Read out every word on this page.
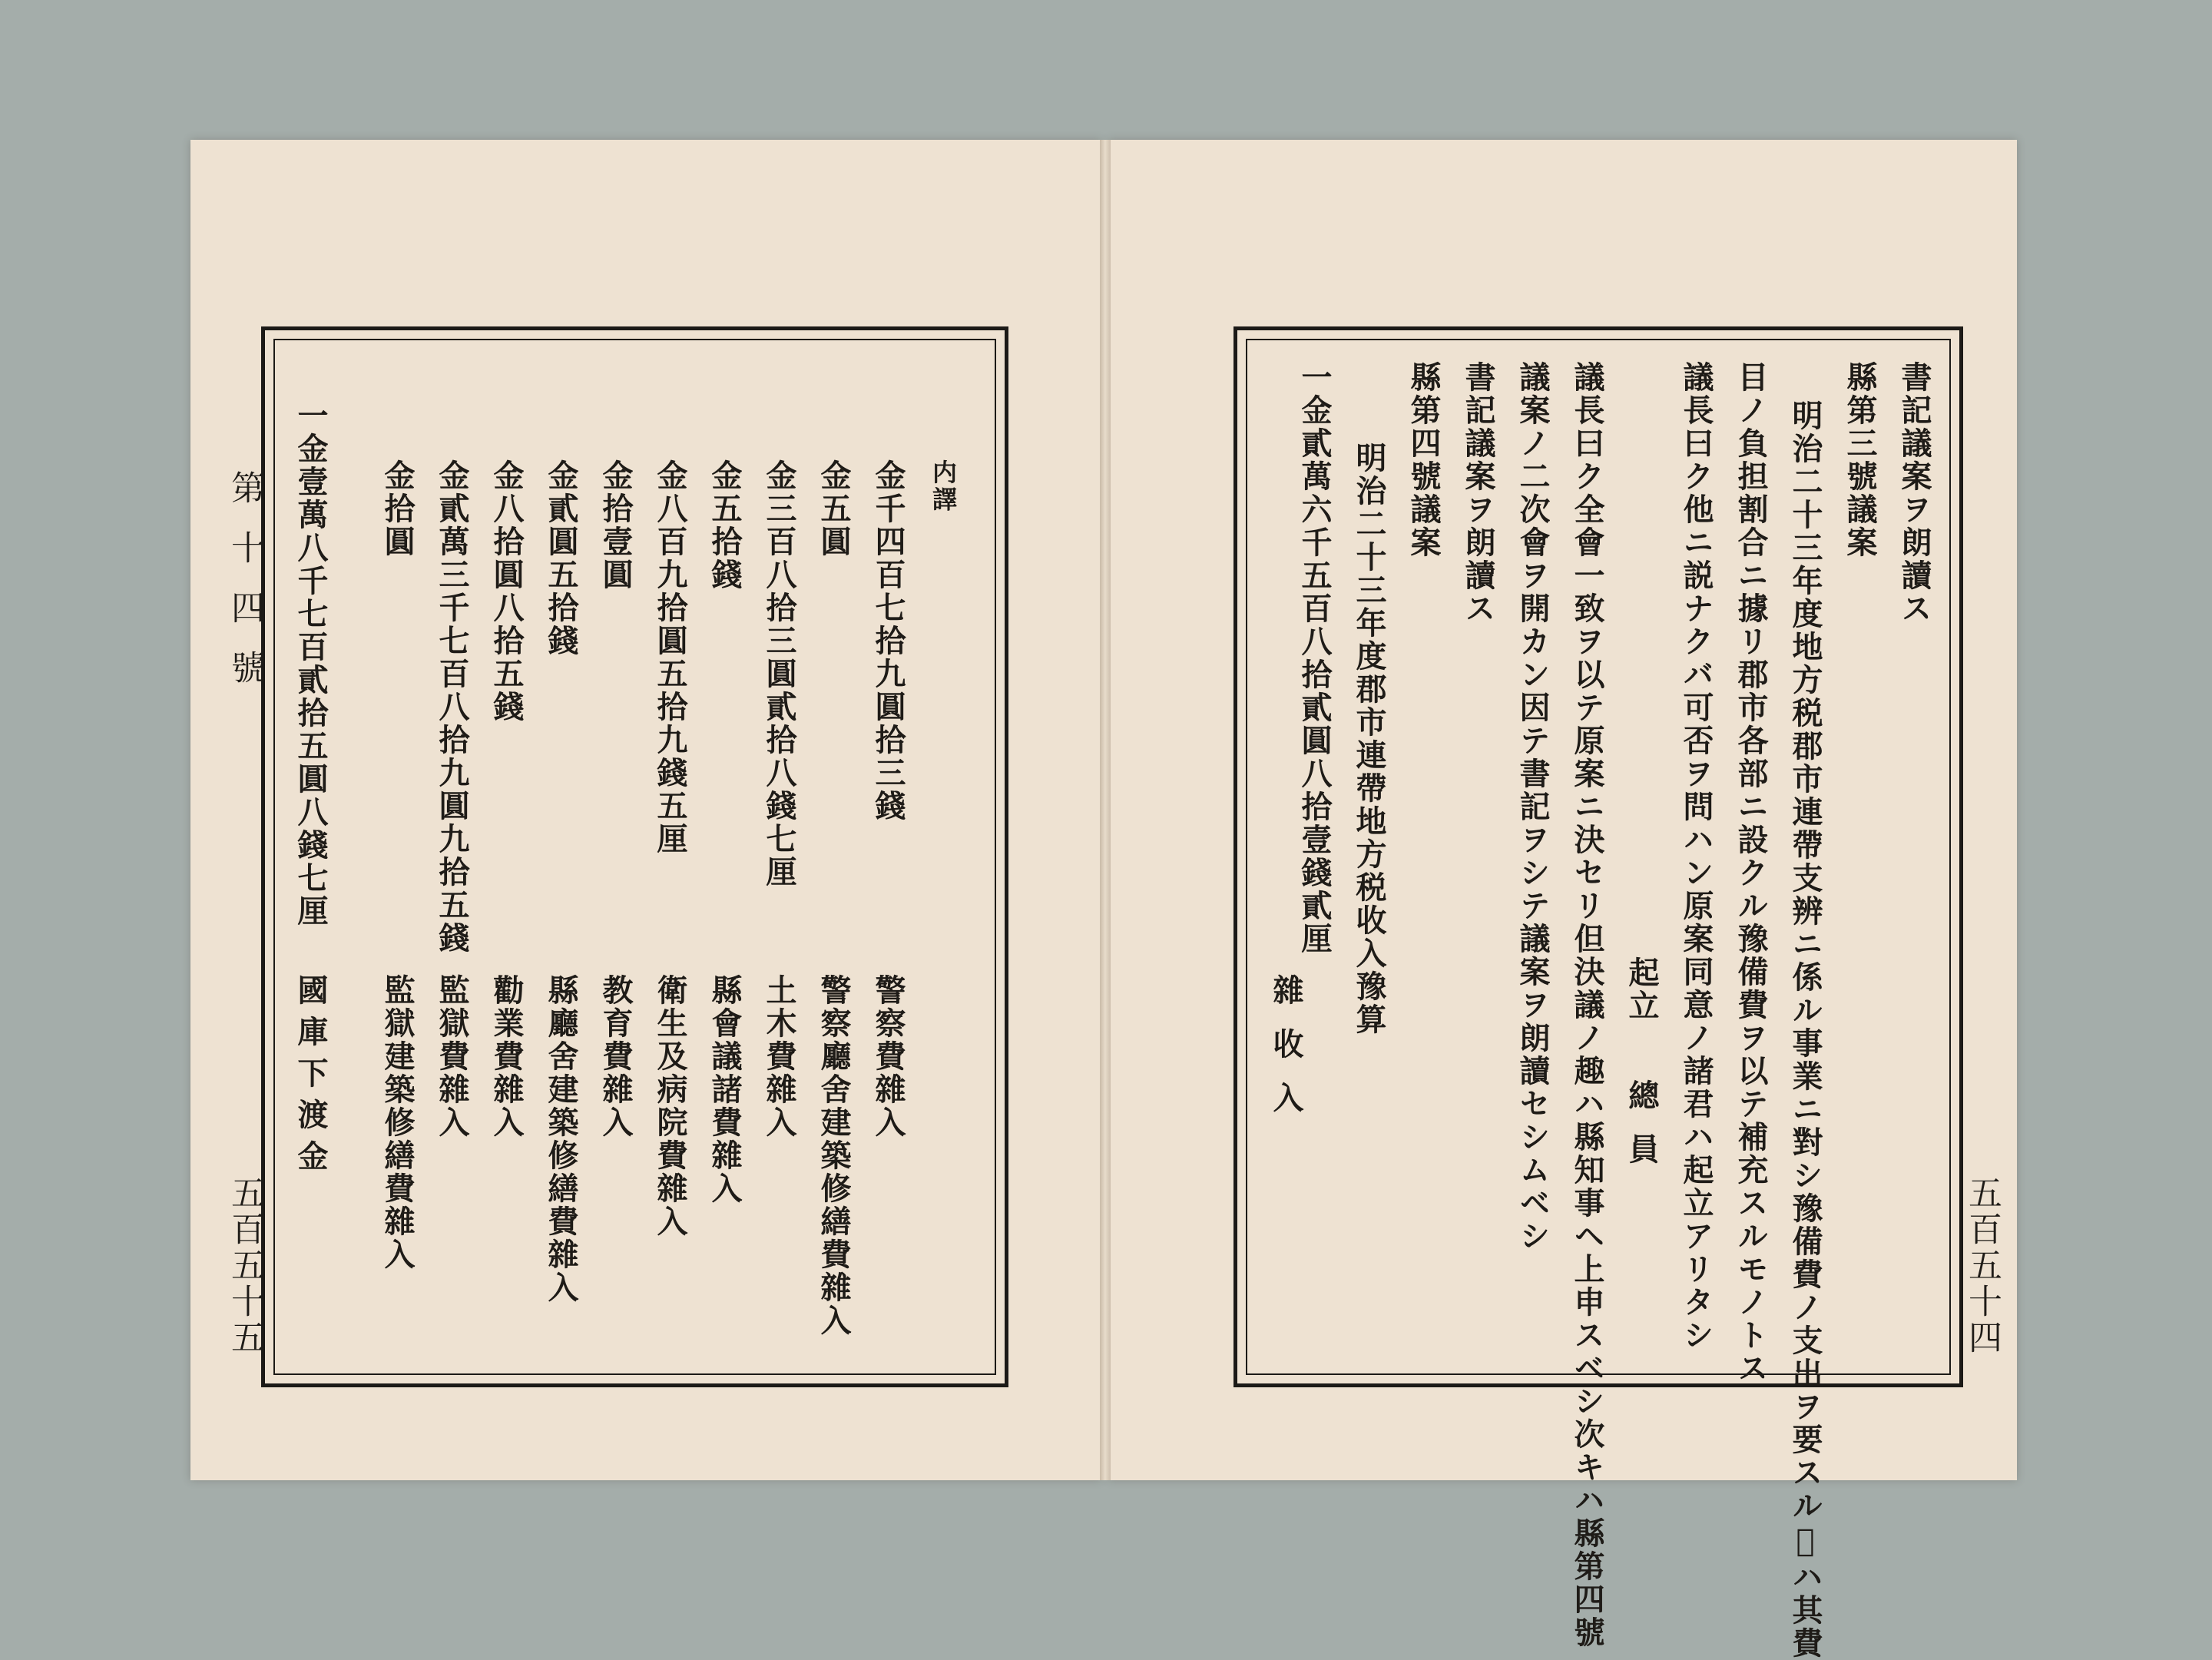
内譯
金千四百七拾九圓拾三錢
金五圓
金三百八拾三圓貳拾八錢七厘
金五拾錢
金八百九拾圓五拾九錢五厘
金拾壹圓
金貳圓五拾錢
金八拾圓八拾五錢
金貳萬三千七百八拾九圓九拾五錢
金拾圓
警察費雜入
警察廳舍建築修繕費雜入
土木費雜入
縣會議諸費雜入
衛生及病院費雜入
教育費雜入
縣廳舍建築修繕費雜入
勸業費雜入
監獄費雜入
監獄建築修繕費雜入
一金壹萬八千七百貳拾五圓八錢七厘
國庫下渡金
第十四號
五百五十五
書記議案ヲ朗讀ス
縣第三號議案
明治二十三年度地方税郡市連帶支辨ニ係ル事業ニ對シ豫備費ノ支出ヲ要スル𪜈ハ其費
目ノ負担割合ニ據リ郡市各部ニ設クル豫備費ヲ以テ補充スルモノトス
議長曰ク他ニ説ナクバ可否ヲ問ハン原案同意ノ諸君ハ起立アリタシ
起立
總員
議長曰ク全會一致ヲ以テ原案ニ決セリ但決議ノ趣ハ縣知事ヘ上申スベシ次キハ縣第四號
議案ノ二次會ヲ開カン因テ書記ヲシテ議案ヲ朗讀セシムベシ
書記議案ヲ朗讀ス
縣第四號議案
明治二十三年度郡市連帶地方税收入豫算
一金貳萬六千五百八拾貳圓八拾壹錢貳厘
雜收入
五百五十四
